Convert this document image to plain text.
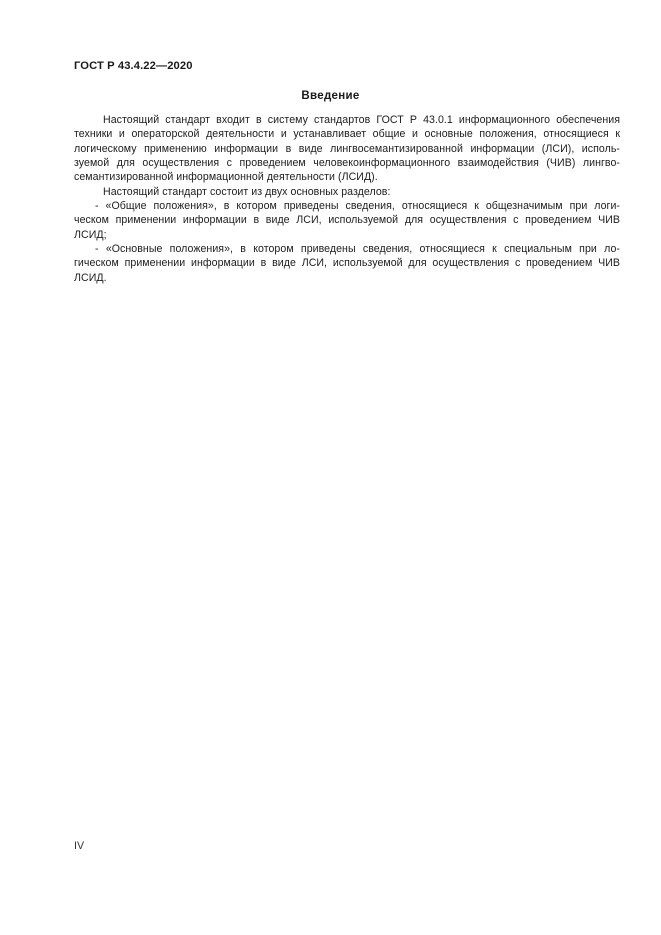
ГОСТ Р 43.4.22—2020
Введение
Настоящий стандарт входит в систему стандартов ГОСТ Р 43.0.1 информационного обеспечения
техники и операторской деятельности и устанавливает общие и основные положения, относящиеся к
логическому применению информации в виде лингвосемантизированной информации (ЛСИ), исполь-
зуемой для осуществления с проведением человекоинформационного взаимодействия (ЧИВ) лингво-
семантизированной информационной деятельности (ЛСИД).
Настоящий стандарт состоит из двух основных разделов:
- «Общие положения», в котором приведены сведения, относящиеся к общезначимым при логи-
ческом применении информации в виде ЛСИ, используемой для осуществления с проведением ЧИВ
ЛСИД;
- «Основные положения», в котором приведены сведения, относящиеся к специальным при ло-
гическом применении информации в виде ЛСИ, используемой для осуществления с проведением ЧИВ
ЛСИД.
IV
